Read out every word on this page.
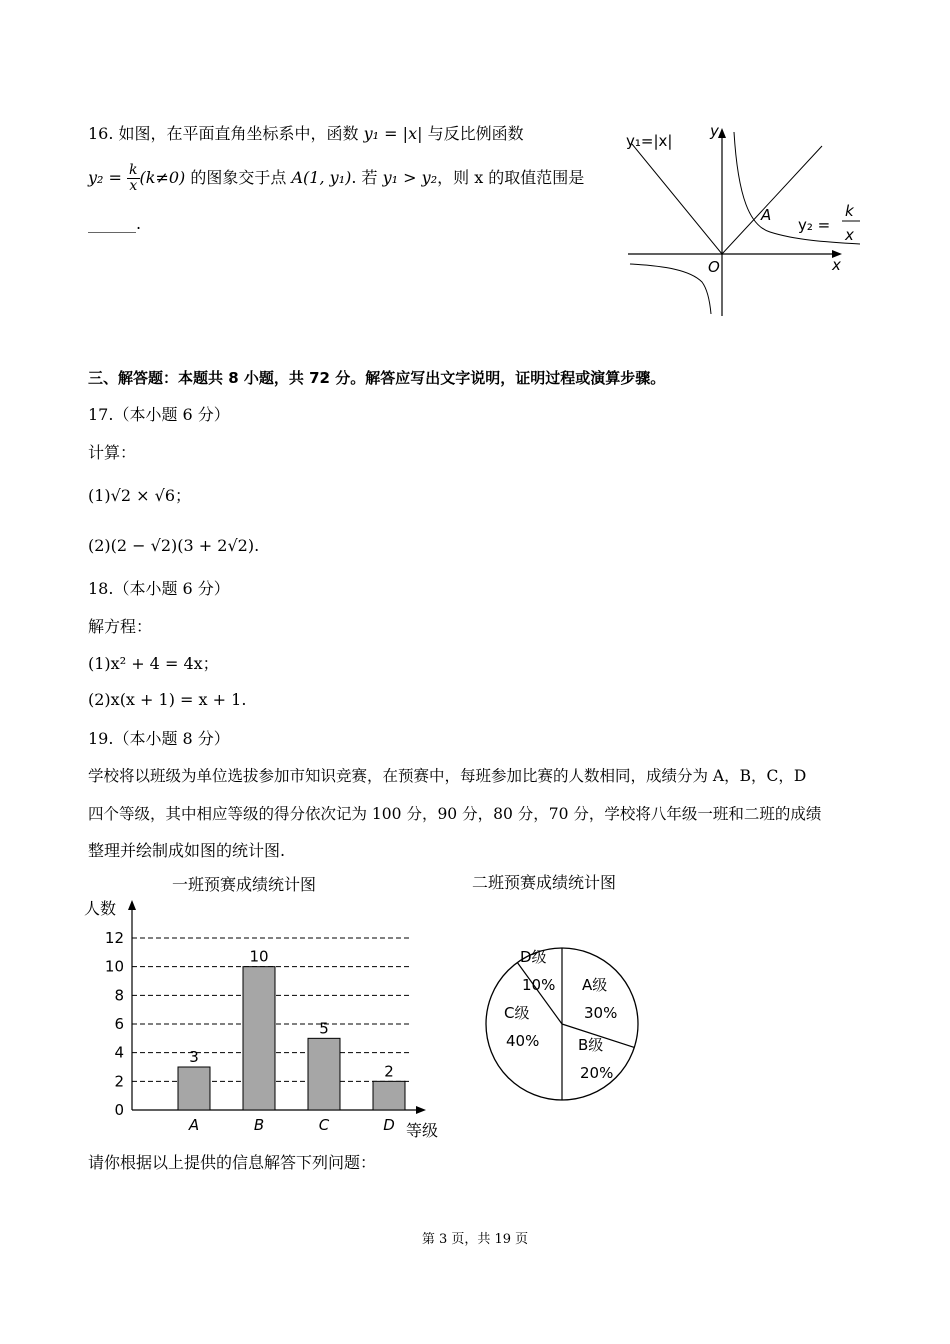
16. 如图，在平面直角坐标系中，函数 y₁ = |x| 与反比例函数
$y_2 = \frac{k}{x} (k\ne 0)$ 的图象交于点 A(1, y₁). 若 y₁ > y₂，则 x 的取值范围是
______.
y₁=|x|
y
x
O
A
y₂ =
k
x
三、解答题：本题共 8 小题，共 72 分。解答应写出文字说明，证明过程或演算步骤。
17.（本小题 6 分）
计算：
(1)√2 × √6；
(2)(2 − √2)(3 + 2√2).
18.（本小题 6 分）
解方程：
(1)x² + 4 = 4x；
(2)x(x + 1) = x + 1.
19.（本小题 8 分）
学校将以班级为单位选拔参加市知识竞赛，在预赛中，每班参加比赛的人数相同，成绩分为 A，B，C，D
四个等级，其中相应等级的得分依次记为 100 分，90 分，80 分，70 分，学校将八年级一班和二班的成绩
整理并绘制成如图的统计图.
一班预赛成绩统计图
人数
等级
0
2
4
6
8
10
12
3
A
10
B
5
C
2
D
二班预赛成绩统计图
A级
30%
B级
20%
C级
40%
D级
10%
请你根据以上提供的信息解答下列问题：
第 3 页，共 19 页
